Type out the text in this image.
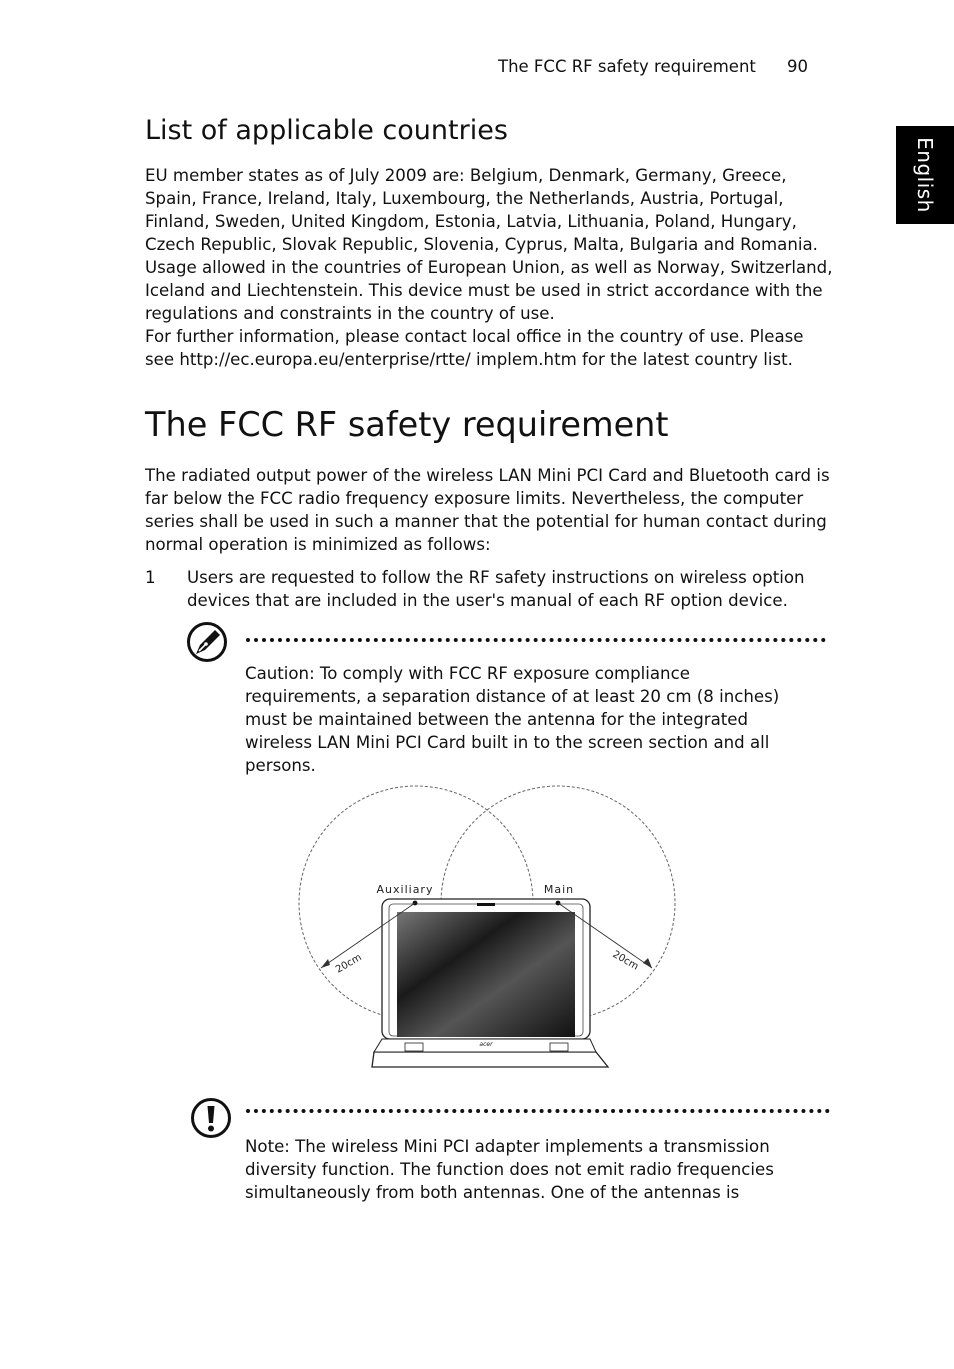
The FCC RF safety requirement 90
English
List of applicable countries

EU member states as of July 2009 are: Belgium, Denmark, Germany, Greece, Spain, France, Ireland, Italy, Luxembourg, the Netherlands, Austria, Portugal, Finland, Sweden, United Kingdom, Estonia, Latvia, Lithuania, Poland, Hungary, Czech Republic, Slovak Republic, Slovenia, Cyprus, Malta, Bulgaria and Romania. Usage allowed in the countries of European Union, as well as Norway, Switzerland, Iceland and Liechtenstein. This device must be used in strict accordance with the regulations and constraints in the country of use.

For further information, please contact local office in the country of use. Please see http://ec.europa.eu/enterprise/rtte/ implem.htm for the latest country list.

The FCC RF safety requirement

The radiated output power of the wireless LAN Mini PCI Card and Bluetooth card is far below the FCC radio frequency exposure limits. Nevertheless, the computer series shall be used in such a manner that the potential for human contact during normal operation is minimized as follows:

1 Users are requested to follow the RF safety instructions on wireless option devices that are included in the user's manual of each RF option device.

Caution: To comply with FCC RF exposure compliance requirements, a separation distance of at least 20 cm (8 inches) must be maintained between the antenna for the integrated wireless LAN Mini PCI Card built in to the screen section and all persons.

acer
Auxiliary	Main
20cm	20cm

Note: The wireless Mini PCI adapter implements a transmission diversity function. The function does not emit radio frequencies simultaneously from both antennas. One of the antennas is
